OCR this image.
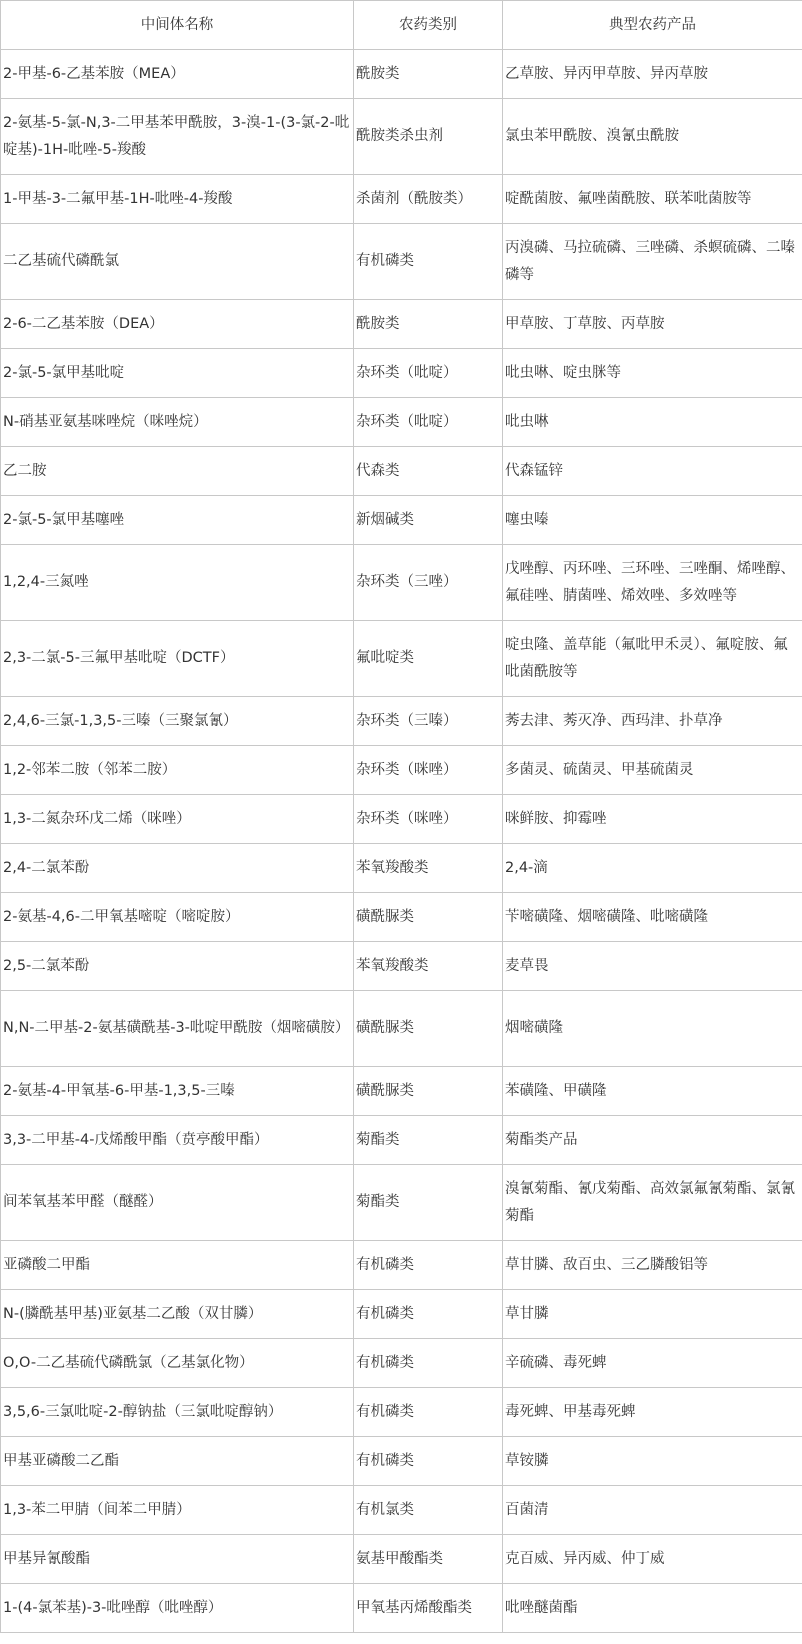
中间体名称	农药类别	典型农药产品
2-甲基-6-乙基苯胺（MEA）	酰胺类	乙草胺、异丙甲草胺、异丙草胺
2-氨基-5-氯-N,3-二甲基苯甲酰胺，3-溴-1-(3-氯-2-吡啶基)-1H-吡唑-5-羧酸	酰胺类杀虫剂	氯虫苯甲酰胺、溴氰虫酰胺
1-甲基-3-二氟甲基-1H-吡唑-4-羧酸	杀菌剂（酰胺类）	啶酰菌胺、氟唑菌酰胺、联苯吡菌胺等
二乙基硫代磷酰氯	有机磷类	丙溴磷、马拉硫磷、三唑磷、杀螟硫磷、二嗪磷等
2-6-二乙基苯胺（DEA）	酰胺类	甲草胺、丁草胺、丙草胺
2-氯-5-氯甲基吡啶	杂环类（吡啶）	吡虫啉、啶虫脒等
N-硝基亚氨基咪唑烷（咪唑烷）	杂环类（吡啶）	吡虫啉
乙二胺	代森类	代森锰锌
2-氯-5-氯甲基噻唑	新烟碱类	噻虫嗪
1,2,4-三氮唑	杂环类（三唑）	戊唑醇、丙环唑、三环唑、三唑酮、烯唑醇、氟硅唑、腈菌唑、烯效唑、多效唑等
2,3-二氯-5-三氟甲基吡啶（DCTF）	氟吡啶类	啶虫隆、盖草能（氟吡甲禾灵）、氟啶胺、氟吡菌酰胺等
2,4,6-三氯-1,3,5-三嗪（三聚氯氰）	杂环类（三嗪）	莠去津、莠灭净、西玛津、扑草净
1,2-邻苯二胺（邻苯二胺）	杂环类（咪唑）	多菌灵、硫菌灵、甲基硫菌灵
1,3-二氮杂环戊二烯（咪唑）	杂环类（咪唑）	咪鲜胺、抑霉唑
2,4-二氯苯酚	苯氧羧酸类	2,4-滴
2-氨基-4,6-二甲氧基嘧啶（嘧啶胺）	磺酰脲类	苄嘧磺隆、烟嘧磺隆、吡嘧磺隆
2,5-二氯苯酚	苯氧羧酸类	麦草畏
N,N-二甲基-2-氨基磺酰基-3-吡啶甲酰胺（烟嘧磺胺）	磺酰脲类	烟嘧磺隆
2-氨基-4-甲氧基-6-甲基-1,3,5-三嗪	磺酰脲类	苯磺隆、甲磺隆
3,3-二甲基-4-戊烯酸甲酯（贲亭酸甲酯）	菊酯类	菊酯类产品
间苯氧基苯甲醛（醚醛）	菊酯类	溴氰菊酯、氰戊菊酯、高效氯氟氰菊酯、氯氰菊酯
亚磷酸二甲酯	有机磷类	草甘膦、敌百虫、三乙膦酸铝等
N-(膦酰基甲基)亚氨基二乙酸（双甘膦）	有机磷类	草甘膦
O,O-二乙基硫代磷酰氯（乙基氯化物）	有机磷类	辛硫磷、毒死蜱
3,5,6-三氯吡啶-2-醇钠盐（三氯吡啶醇钠）	有机磷类	毒死蜱、甲基毒死蜱
甲基亚磷酸二乙酯	有机磷类	草铵膦
1,3-苯二甲腈（间苯二甲腈）	有机氯类	百菌清
甲基异氰酸酯	氨基甲酸酯类	克百威、异丙威、仲丁威
1-(4-氯苯基)-3-吡唑醇（吡唑醇）	甲氧基丙烯酸酯类	吡唑醚菌酯
